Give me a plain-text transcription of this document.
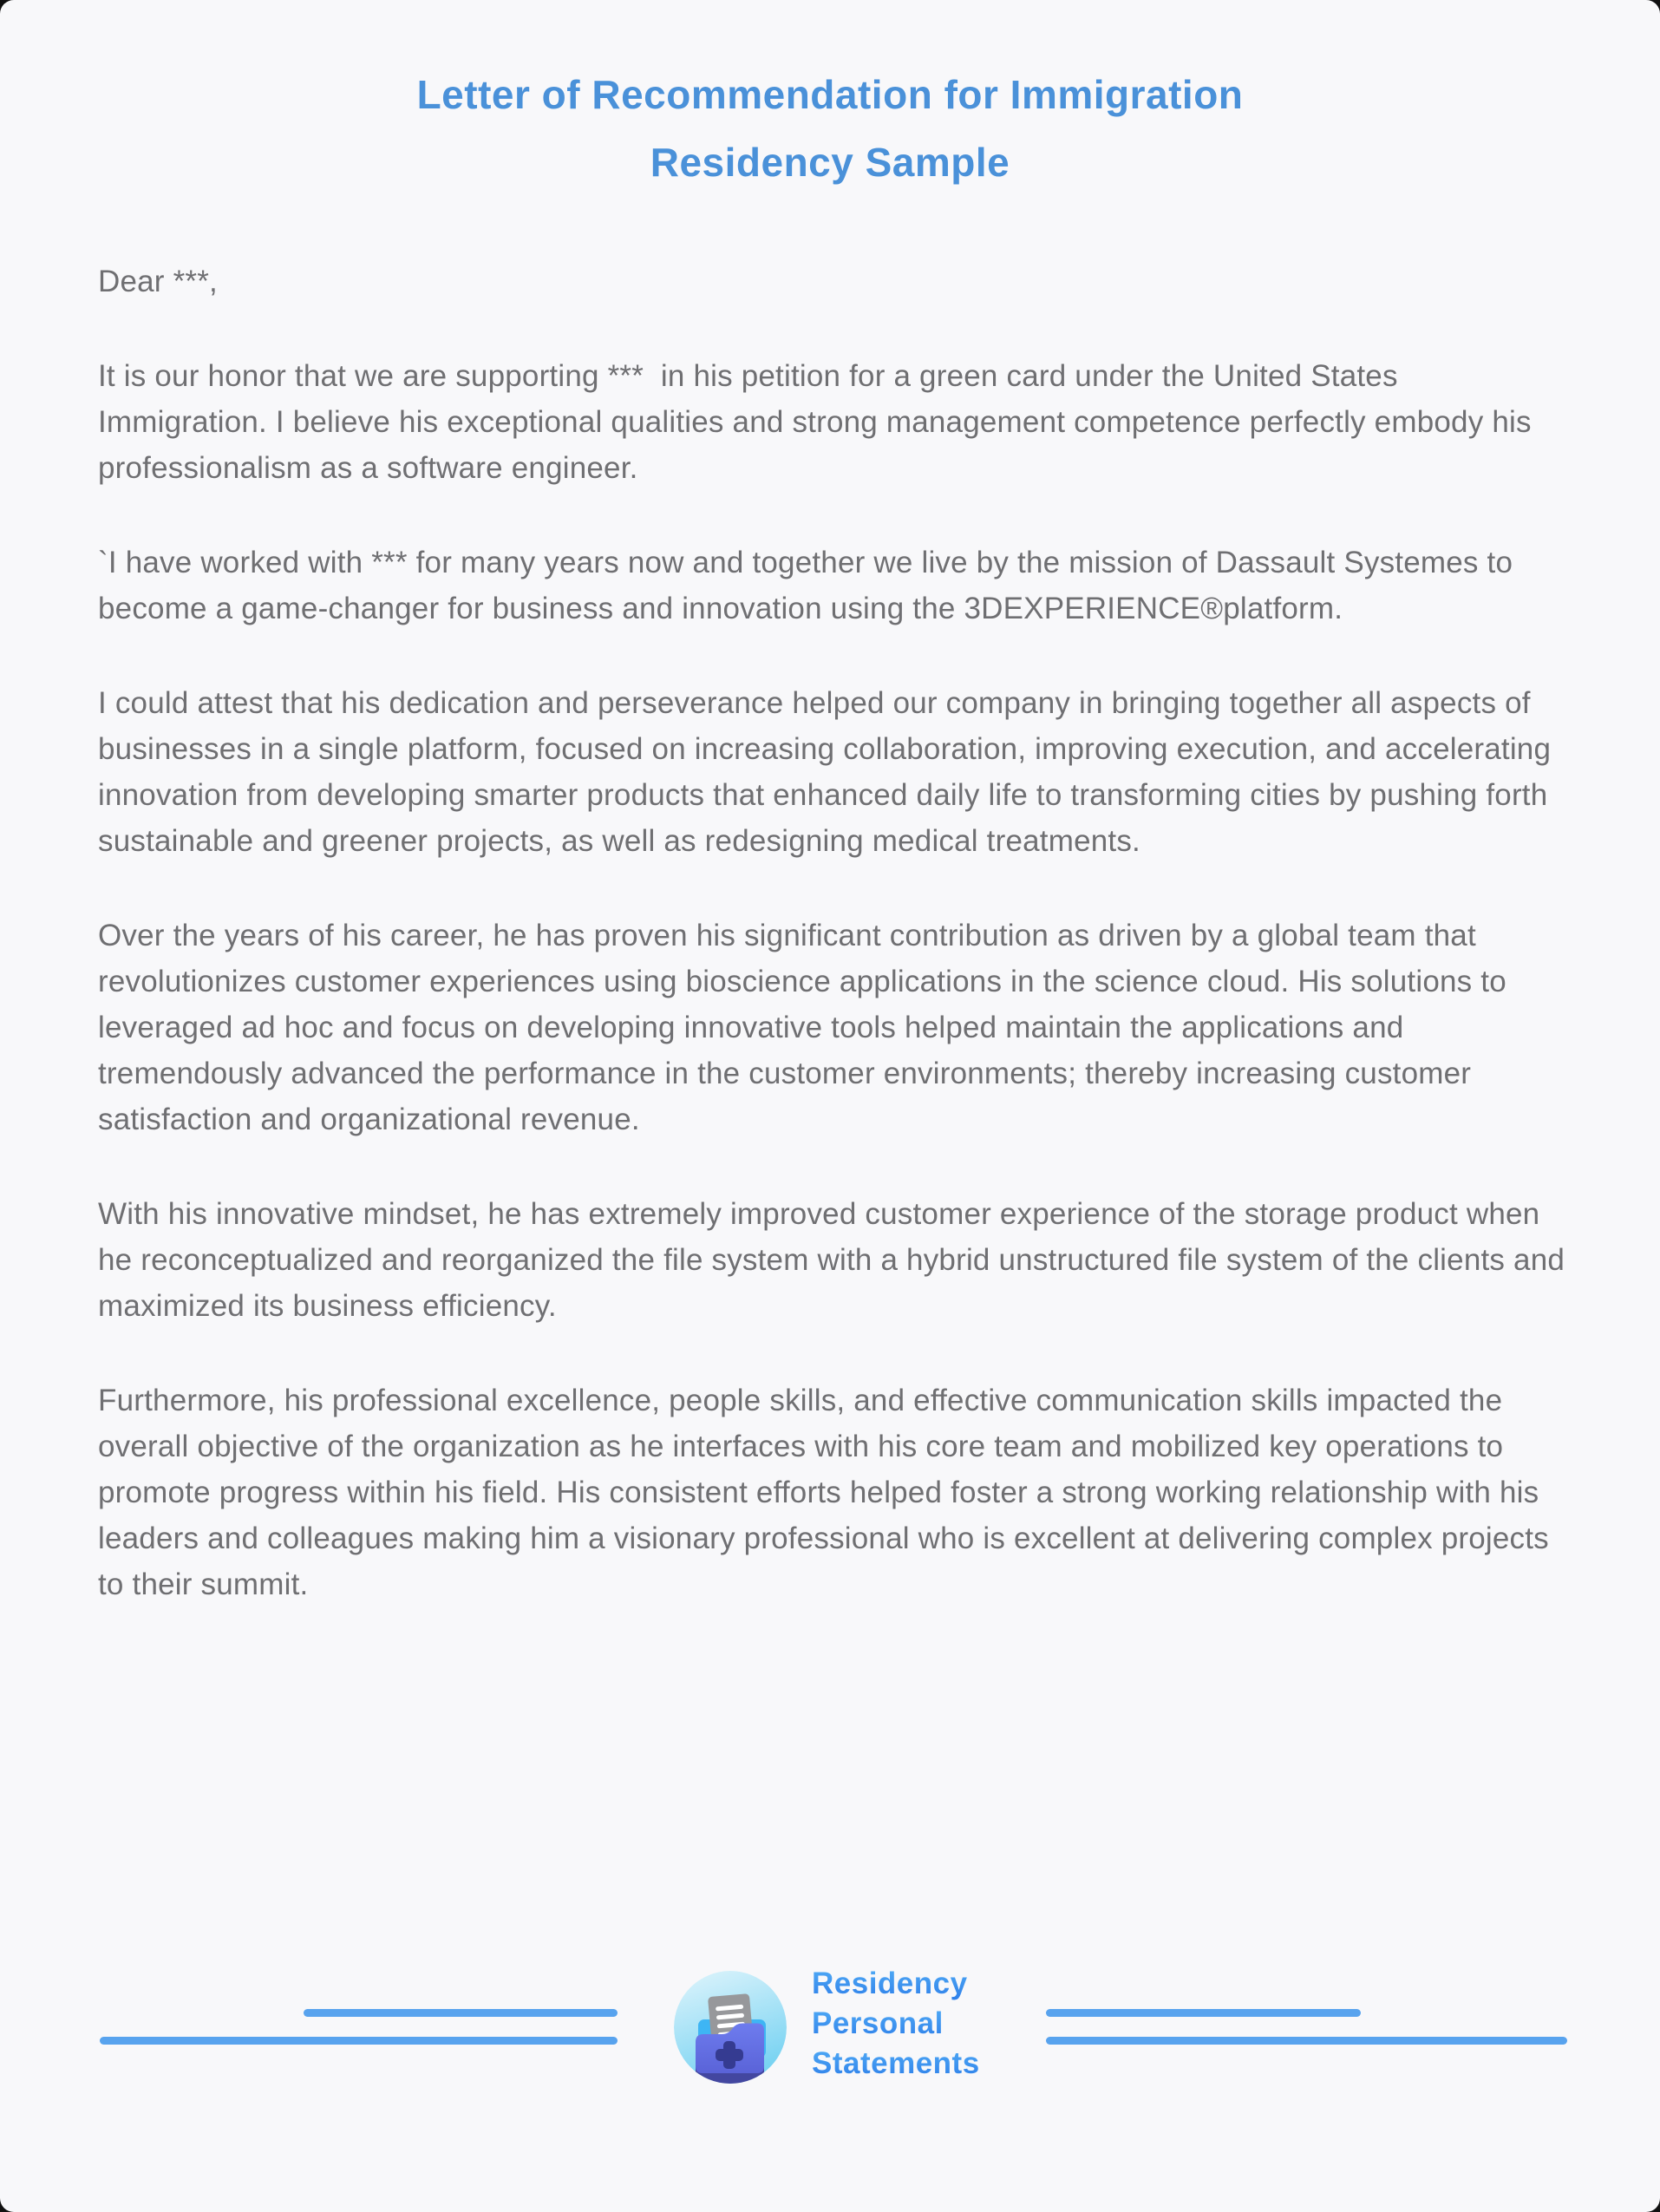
Letter of Recommendation for Immigration
Residency Sample

Dear ***,

It is our honor that we are supporting ***  in his petition for a green card under the United States Immigration. I believe his exceptional qualities and strong management competence perfectly embody his professionalism as a software engineer.

`I have worked with *** for many years now and together we live by the mission of Dassault Systemes to become a game-changer for business and innovation using the 3DEXPERIENCE®platform.

I could attest that his dedication and perseverance helped our company in bringing together all aspects of businesses in a single platform, focused on increasing collaboration, improving execution, and accelerating innovation from developing smarter products that enhanced daily life to transforming cities by pushing forth sustainable and greener projects, as well as redesigning medical treatments.

Over the years of his career, he has proven his significant contribution as driven by a global team that revolutionizes customer experiences using bioscience applications in the science cloud. His solutions to leveraged ad hoc and focus on developing innovative tools helped maintain the applications and tremendously advanced the performance in the customer environments; thereby increasing customer satisfaction and organizational revenue.

With his innovative mindset, he has extremely improved customer experience of the storage product when he reconceptualized and reorganized the file system with a hybrid unstructured file system of the clients and maximized its business efficiency.

Furthermore, his professional excellence, people skills, and effective communication skills impacted the overall objective of the organization as he interfaces with his core team and mobilized key operations to promote progress within his field. His consistent efforts helped foster a strong working relationship with his leaders and colleagues making him a visionary professional who is excellent at delivering complex projects to their summit.

Residency
Personal
Statements
